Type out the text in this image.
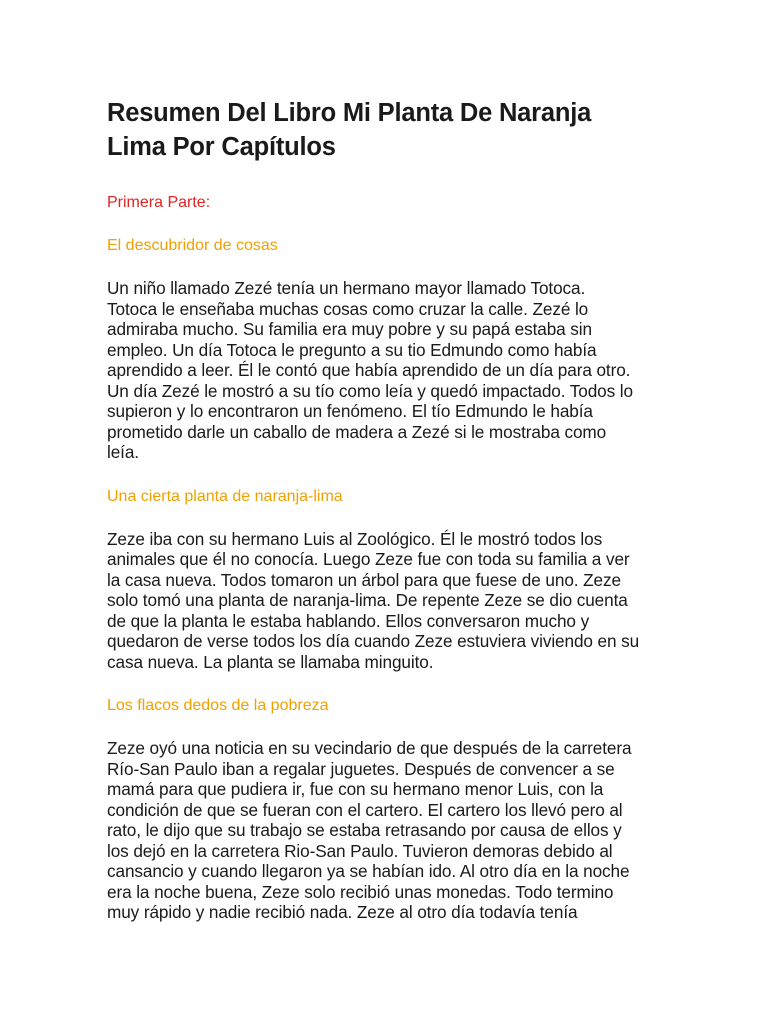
Resumen Del Libro Mi Planta De Naranja
Lima Por Capítulos

Primera Parte:

El descubridor de cosas

Un niño llamado Zezé tenía un hermano mayor llamado Totoca.
Totoca le enseñaba muchas cosas como cruzar la calle. Zezé lo
admiraba mucho. Su familia era muy pobre y su papá estaba sin
empleo. Un día Totoca le pregunto a su tio Edmundo como había
aprendido a leer. Él le contó que había aprendido de un día para otro.
Un día Zezé le mostró a su tío como leía y quedó impactado. Todos lo
supieron y lo encontraron un fenómeno. El tío Edmundo le había
prometido darle un caballo de madera a Zezé si le mostraba como
leía.

Una cierta planta de naranja-lima

Zeze iba con su hermano Luis al Zoológico. Él le mostró todos los
animales que él no conocía. Luego Zeze fue con toda su familia a ver
la casa nueva. Todos tomaron un árbol para que fuese de uno. Zeze
solo tomó una planta de naranja-lima. De repente Zeze se dio cuenta
de que la planta le estaba hablando. Ellos conversaron mucho y
quedaron de verse todos los día cuando Zeze estuviera viviendo en su
casa nueva. La planta se llamaba minguito.

Los flacos dedos de la pobreza

Zeze oyó una noticia en su vecindario de que después de la carretera
Río-San Paulo iban a regalar juguetes. Después de convencer a se
mamá para que pudiera ir, fue con su hermano menor Luis, con la
condición de que se fueran con el cartero. El cartero los llevó pero al
rato, le dijo que su trabajo se estaba retrasando por causa de ellos y
los dejó en la carretera Rio-San Paulo. Tuvieron demoras debido al
cansancio y cuando llegaron ya se habían ido. Al otro día en la noche
era la noche buena, Zeze solo recibió unas monedas. Todo termino
muy rápido y nadie recibió nada. Zeze al otro día todavía tenía
